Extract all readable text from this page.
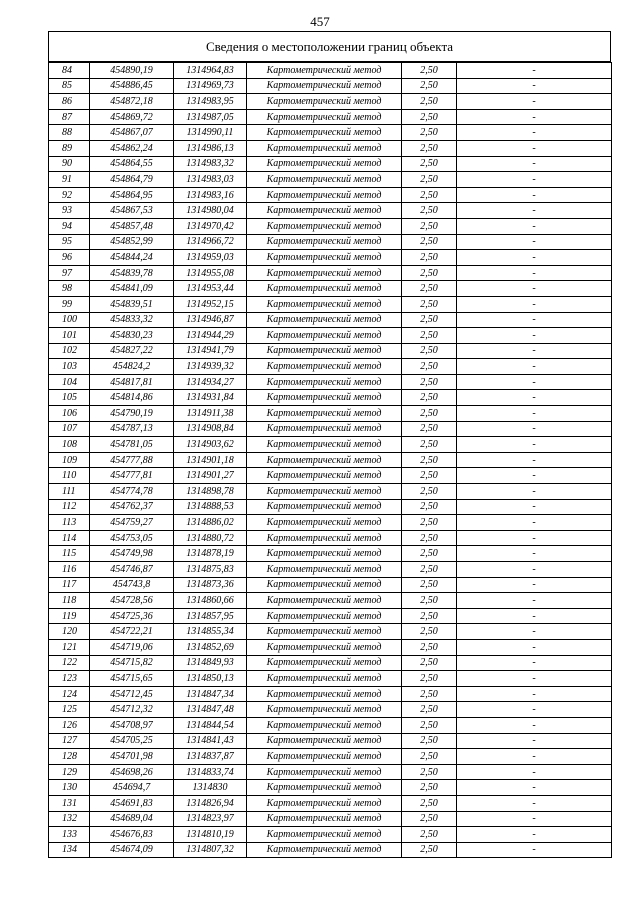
457
Сведения о местоположении границ объекта
84	454890,19	1314964,83	Картометрический метод	2,50	-
85	454886,45	1314969,73	Картометрический метод	2,50	-
86	454872,18	1314983,95	Картометрический метод	2,50	-
87	454869,72	1314987,05	Картометрический метод	2,50	-
88	454867,07	1314990,11	Картометрический метод	2,50	-
89	454862,24	1314986,13	Картометрический метод	2,50	-
90	454864,55	1314983,32	Картометрический метод	2,50	-
91	454864,79	1314983,03	Картометрический метод	2,50	-
92	454864,95	1314983,16	Картометрический метод	2,50	-
93	454867,53	1314980,04	Картометрический метод	2,50	-
94	454857,48	1314970,42	Картометрический метод	2,50	-
95	454852,99	1314966,72	Картометрический метод	2,50	-
96	454844,24	1314959,03	Картометрический метод	2,50	-
97	454839,78	1314955,08	Картометрический метод	2,50	-
98	454841,09	1314953,44	Картометрический метод	2,50	-
99	454839,51	1314952,15	Картометрический метод	2,50	-
100	454833,32	1314946,87	Картометрический метод	2,50	-
101	454830,23	1314944,29	Картометрический метод	2,50	-
102	454827,22	1314941,79	Картометрический метод	2,50	-
103	454824,2	1314939,32	Картометрический метод	2,50	-
104	454817,81	1314934,27	Картометрический метод	2,50	-
105	454814,86	1314931,84	Картометрический метод	2,50	-
106	454790,19	1314911,38	Картометрический метод	2,50	-
107	454787,13	1314908,84	Картометрический метод	2,50	-
108	454781,05	1314903,62	Картометрический метод	2,50	-
109	454777,88	1314901,18	Картометрический метод	2,50	-
110	454777,81	1314901,27	Картометрический метод	2,50	-
111	454774,78	1314898,78	Картометрический метод	2,50	-
112	454762,37	1314888,53	Картометрический метод	2,50	-
113	454759,27	1314886,02	Картометрический метод	2,50	-
114	454753,05	1314880,72	Картометрический метод	2,50	-
115	454749,98	1314878,19	Картометрический метод	2,50	-
116	454746,87	1314875,83	Картометрический метод	2,50	-
117	454743,8	1314873,36	Картометрический метод	2,50	-
118	454728,56	1314860,66	Картометрический метод	2,50	-
119	454725,36	1314857,95	Картометрический метод	2,50	-
120	454722,21	1314855,34	Картометрический метод	2,50	-
121	454719,06	1314852,69	Картометрический метод	2,50	-
122	454715,82	1314849,93	Картометрический метод	2,50	-
123	454715,65	1314850,13	Картометрический метод	2,50	-
124	454712,45	1314847,34	Картометрический метод	2,50	-
125	454712,32	1314847,48	Картометрический метод	2,50	-
126	454708,97	1314844,54	Картометрический метод	2,50	-
127	454705,25	1314841,43	Картометрический метод	2,50	-
128	454701,98	1314837,87	Картометрический метод	2,50	-
129	454698,26	1314833,74	Картометрический метод	2,50	-
130	454694,7	1314830	Картометрический метод	2,50	-
131	454691,83	1314826,94	Картометрический метод	2,50	-
132	454689,04	1314823,97	Картометрический метод	2,50	-
133	454676,83	1314810,19	Картометрический метод	2,50	-
134	454674,09	1314807,32	Картометрический метод	2,50	-
